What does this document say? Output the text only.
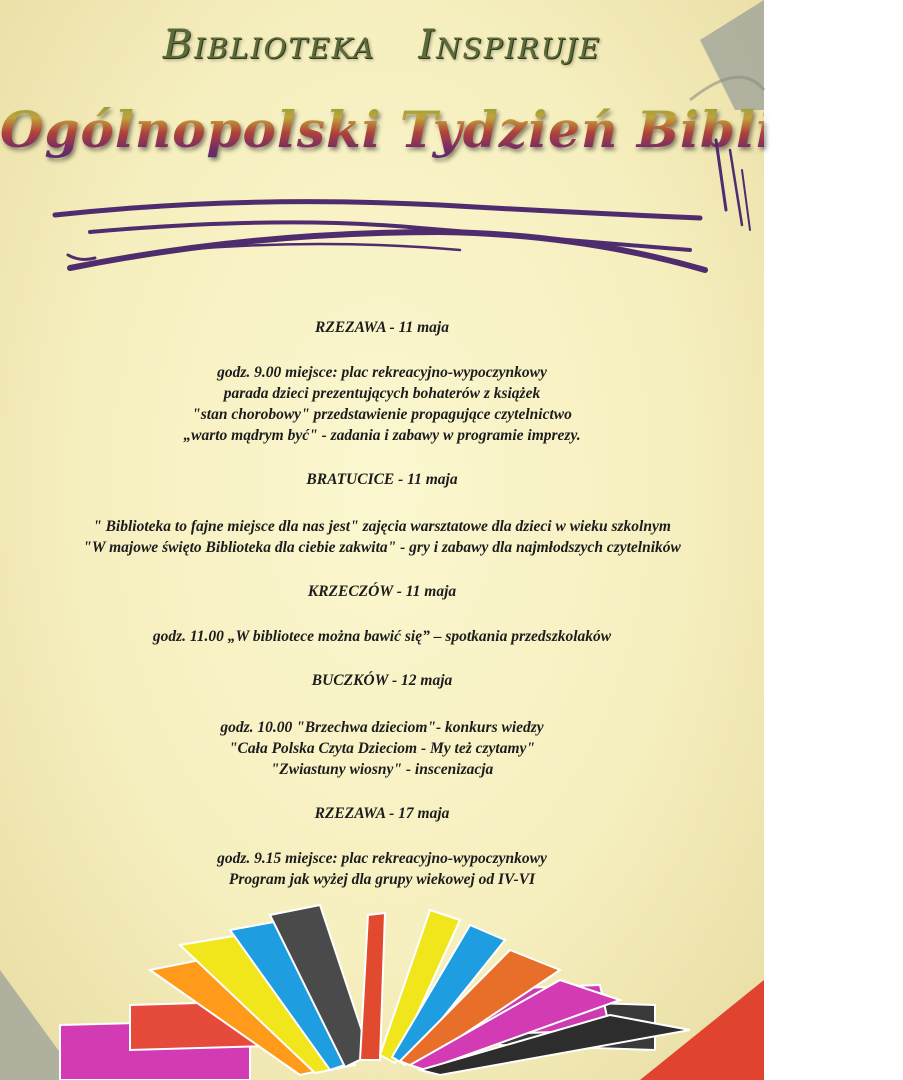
Biblioteka Inspiruje
Ogólnopolski Tydzień Bibliotek

RZEZAWA - 11 maja

godz. 9.00 miejsce: plac rekreacyjno-wypoczynkowy

parada dzieci prezentujących bohaterów z książek

"stan chorobowy" przedstawienie propagujące czytelnictwo

„warto mądrym być" - zadania i zabawy w programie imprezy.

BRATUCICE - 11 maja

" Biblioteka to fajne miejsce dla nas jest" zajęcia warsztatowe dla dzieci w wieku szkolnym

"W majowe święto Biblioteka dla ciebie zakwita" - gry i zabawy dla najmłodszych czytelników

KRZECZÓW - 11 maja

godz. 11.00 „W bibliotece można bawić się” – spotkania przedszkolaków

BUCZKÓW - 12 maja

godz. 10.00 "Brzechwa dzieciom"- konkurs wiedzy

"Cała Polska Czyta Dzieciom - My też czytamy"

"Zwiastuny wiosny" - inscenizacja

RZEZAWA - 17 maja

godz. 9.15 miejsce: plac rekreacyjno-wypoczynkowy

Program jak wyżej dla grupy wiekowej od IV-VI
